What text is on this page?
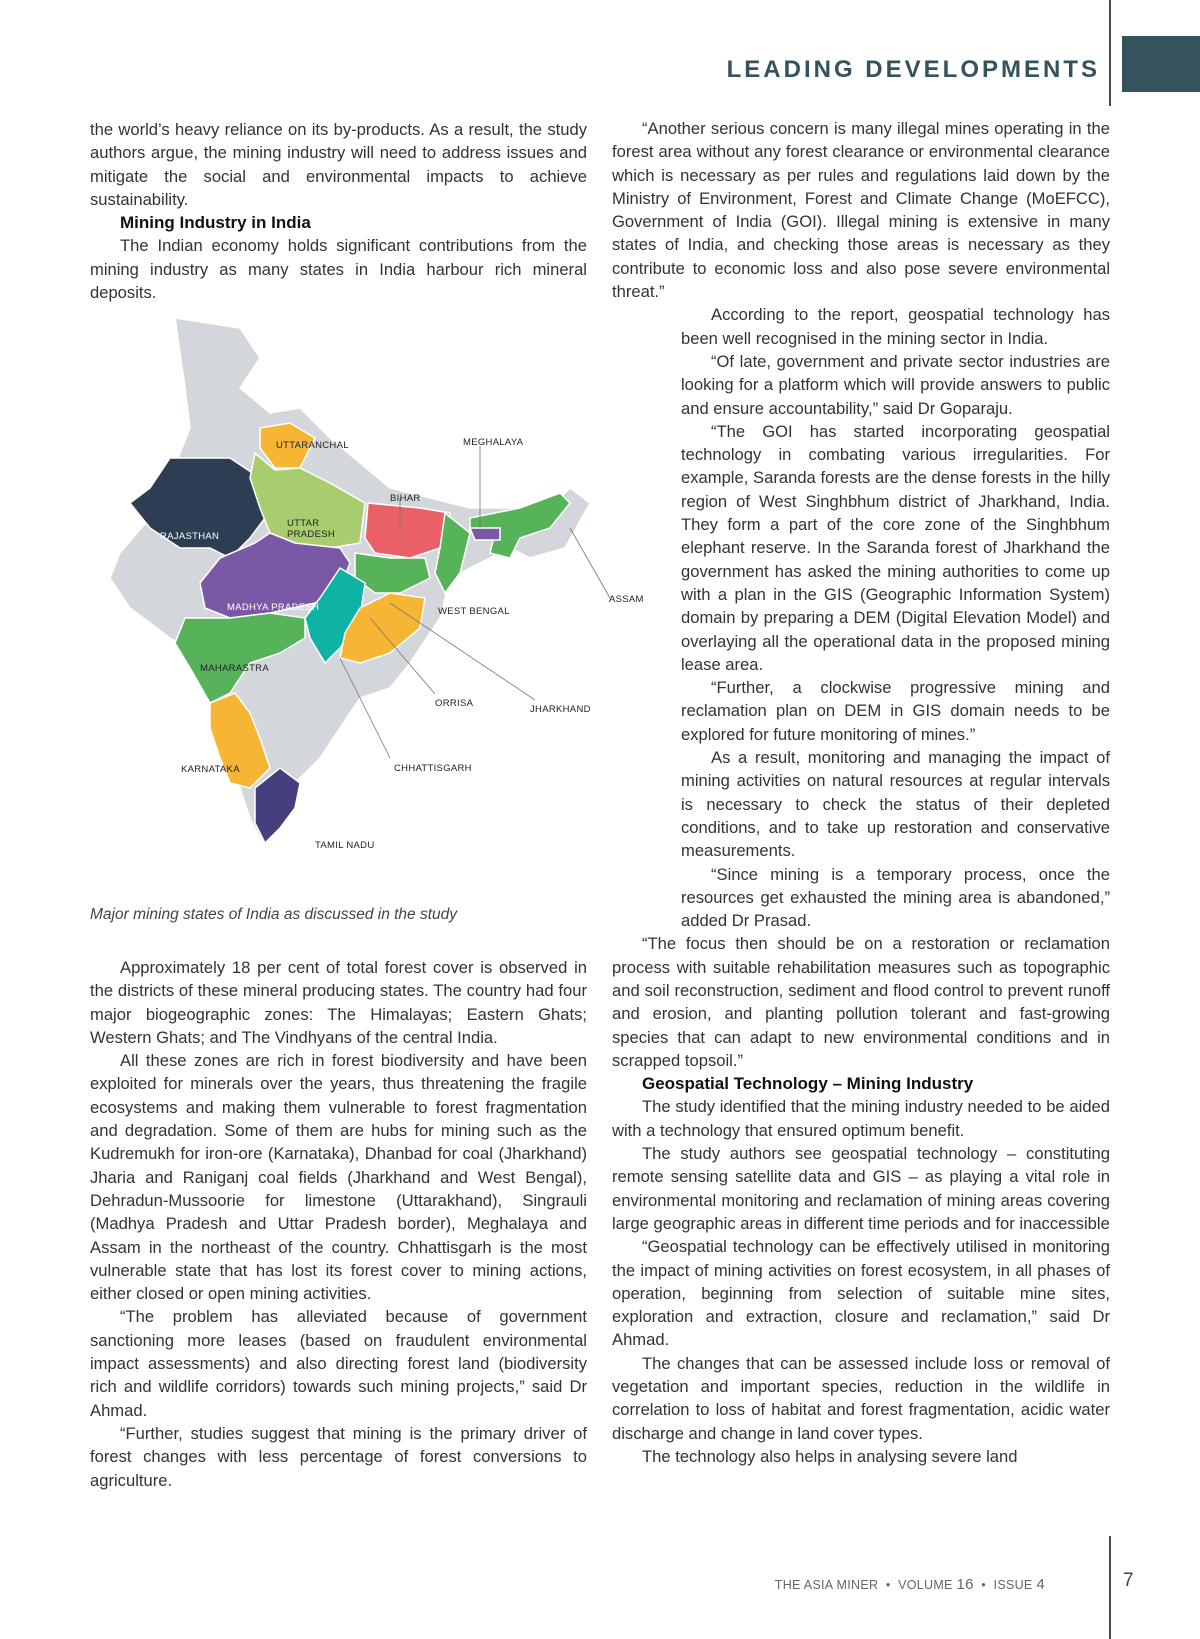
LEADING DEVELOPMENTS

the world’s heavy reliance on its by-products. As a result, the study authors argue, the mining industry will need to address issues and mitigate the social and environmental impacts to achieve sustainability.

Mining Industry in India

The Indian economy holds significant contributions from the mining industry as many states in India harbour rich mineral deposits.

UTTARANCHAL	MEGHALAYA
BIHAR
UTTAR PRADESH
RAJASTHAN
ASSAM
MADHYA PRADESH	WEST BENGAL
MAHARASTRA
ORRISA
JHARKHAND
KARNATAKA	CHHATTISGARH
TAMIL NADU
Major mining states of India as discussed in the study

Approximately 18 per cent of total forest cover is observed in the districts of these mineral producing states. The country had four major biogeographic zones: The Himalayas; Eastern Ghats; Western Ghats; and The Vindhyans of the central India.

All these zones are rich in forest biodiversity and have been exploited for minerals over the years, thus threatening the fragile ecosystems and making them vulnerable to forest fragmentation and degradation. Some of them are hubs for mining such as the Kudremukh for iron-ore (Karnataka), Dhanbad for coal (Jharkhand) Jharia and Raniganj coal fields (Jharkhand and West Bengal), Dehradun-Mussoorie for limestone (Uttarakhand), Singrauli (Madhya Pradesh and Uttar Pradesh border), Meghalaya and Assam in the northeast of the country. Chhattisgarh is the most vulnerable state that has lost its forest cover to mining actions, either closed or open mining activities.

“The problem has alleviated because of government sanctioning more leases (based on fraudulent environmental impact assessments) and also directing forest land (biodiversity rich and wildlife corridors) towards such mining projects,” said Dr Ahmad.

“Further, studies suggest that mining is the primary driver of forest changes with less percentage of forest conversions to agriculture.

“Another serious concern is many illegal mines operating in the forest area without any forest clearance or environmental clearance which is necessary as per rules and regulations laid down by the Ministry of Environment, Forest and Climate Change (MoEFCC), Government of India (GOI). Illegal mining is extensive in many states of India, and checking those areas is necessary as they contribute to economic loss and also pose severe environmental threat.”

According to the report, geospatial technology has been well recognised in the mining sector in India.

“Of late, government and private sector industries are looking for a platform which will provide answers to public and ensure accountability,” said Dr Goparaju.

“The GOI has started incorporating geospatial technology in combating various irregularities. For example, Saranda forests are the dense forests in the hilly region of West Singhbhum district of Jharkhand, India. They form a part of the core zone of the Singhbhum elephant reserve. In the Saranda forest of Jharkhand the government has asked the mining authorities to come up with a plan in the GIS (Geographic Information System) domain by preparing a DEM (Digital Elevation Model) and overlaying all the operational data in the proposed mining lease area.

“Further, a clockwise progressive mining and reclamation plan on DEM in GIS domain needs to be explored for future monitoring of mines.”

As a result, monitoring and managing the impact of mining activities on natural resources at regular intervals is necessary to check the status of their depleted conditions, and to take up restoration and conservative measurements.

“Since mining is a temporary process, once the resources get exhausted the mining area is abandoned,” added Dr Prasad.

“The focus then should be on a restoration or reclamation process with suitable rehabilitation measures such as topographic and soil reconstruction, sediment and flood control to prevent runoff and erosion, and planting pollution tolerant and fast-growing species that can adapt to new environmental conditions and in scrapped topsoil.”

Geospatial Technology – Mining Industry

The study identified that the mining industry needed to be aided with a technology that ensured optimum benefit.

The study authors see geospatial technology – constituting remote sensing satellite data and GIS – as playing a vital role in environmental monitoring and reclamation of mining areas covering large geographic areas in different time periods and for inaccessible

“Geospatial technology can be effectively utilised in monitoring the impact of mining activities on forest ecosystem, in all phases of operation, beginning from selection of suitable mine sites, exploration and extraction, closure and reclamation,” said Dr Ahmad.

The changes that can be assessed include loss or removal of vegetation and important species, reduction in the wildlife in correlation to loss of habitat and forest fragmentation, acidic water discharge and change in land cover types.

The technology also helps in analysing severe land

THE ASIA MINER  •  VOLUME 16  •  ISSUE 4	7
